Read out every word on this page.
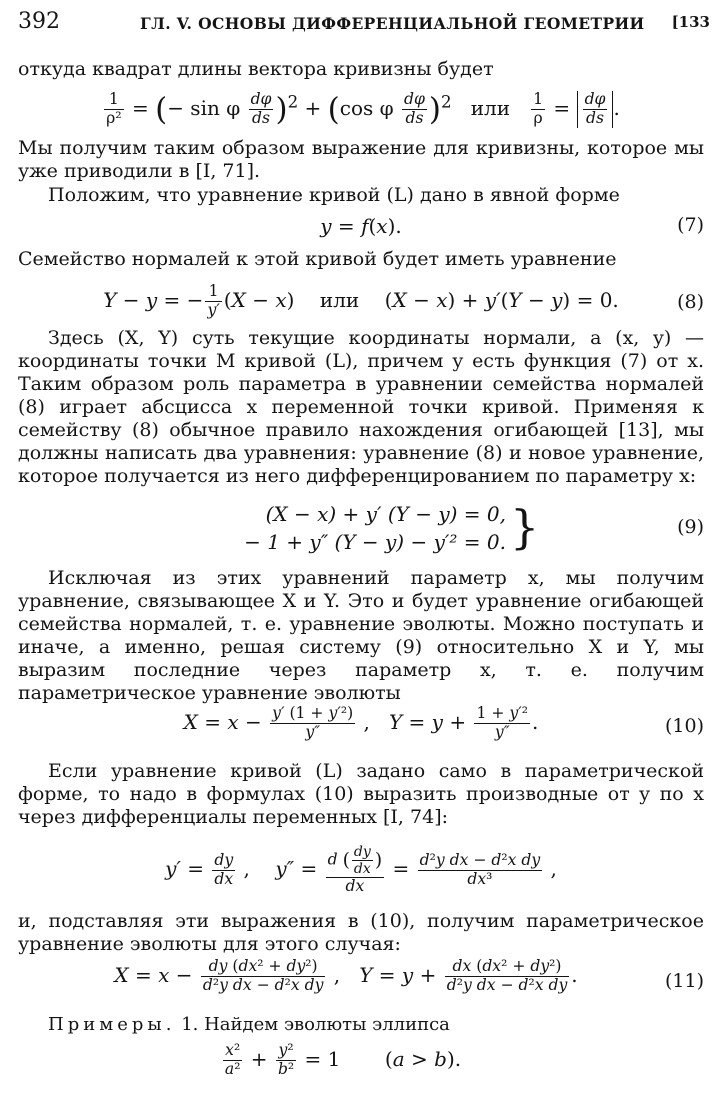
392	ГЛ. V. ОСНОВЫ ДИФФЕРЕНЦИАЛЬНОЙ ГЕОМЕТРИИ [133
откуда квадрат длины вектора кривизны будет
$\frac{1}{\text{ρ²}}$ = (− sin φ $\frac{d\varphi}{ds} )^2 + (\cos$ φ $\frac{d\varphi}{ds} )^2$   или $\frac{1}{\rho} = \frac{d\varphi}{ds}$ .
Мы получим таким образом выражение для кривизны, которое мы уже приводили в [I, 71].
Положим, что уравнение кривой (L) дано в явной форме
y = f(x).	(7)
Семейство нормалей к этой кривой будет иметь уравнение
Y − y = − $\frac{1}{y'} (X - x)$    или    (X − x) + y′(Y − y) = 0.	(8)
Здесь (X, Y) суть текущие координаты нормали, а (x, y) — координаты точки M кривой (L), причем y есть функция (7) от x. Таким образом роль параметра в уравнении семейства нормалей (8) играет абсцисса x переменной точки кривой. Применяя к семейству (8) обычное правило нахождения огибающей [13], мы должны написать два уравнения: уравнение (8) и новое уравнение, которое получается из него дифференцированием по параметру x:
(X − x) + y′ (Y − y) = 0,
− 1 + y″ (Y − y) − y′² = 0. }	(9)
Исключая из этих уравнений параметр x, мы получим уравнение, связывающее X и Y. Это и будет уравнение огибающей семейства нормалей, т. е. уравнение эволюты. Можно поступать и иначе, а именно, решая систему (9) относительно X и Y, мы выразим последние через параметр x, т. е. получим параметрическое уравнение эволюты
$X = x - \frac{\text{y′ (1 + y′²)}}{y''}$ ,   $Y = y + \frac{\text{1 + y′²}}{y''}$ .	(10)
Если уравнение кривой (L) задано само в параметрической форме, то надо в формулах (10) выразить производные от y по x через дифференциалы переменных [I, 74]:
$y' = \frac{dy}{dx}$ ,    y″ = d ( $\frac{dy}{dx}$ )
dx
= $\frac{\text{d²y dx − d²x dy}}{\text{dx³}}$ ,
и, подставляя эти выражения в (10), получим параметрическое уравнение эволюты для этого случая:
$X = x - \frac{\text{dy (dx² + dy²)}}{\text{d²y dx − d²x dy}}$ ,   $Y = y + \frac{\text{dx (dx² + dy²)}}{\text{d²y dx − d²x dy}}$ .	(11)
Примеры. 1. Найдем эволюты эллипса
$\frac{\text{x²}}{\text{a²}} + \frac{\text{y²}}{\text{b²}} = 1$       (a > b).
